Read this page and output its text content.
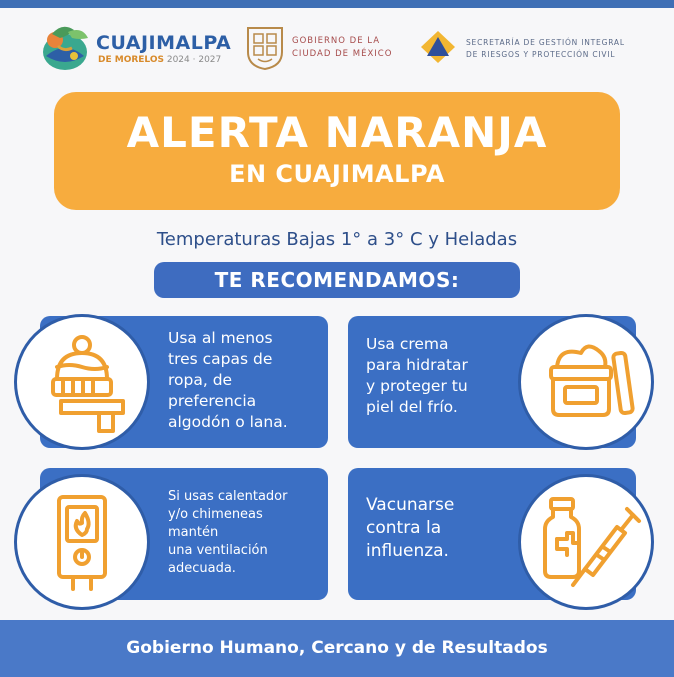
CUAJIMALPA
DE MORELOS 2024 · 2027
GOBIERNO DE LA
CIUDAD DE MÉXICO
SECRETARÍA DE GESTIÓN INTEGRAL
DE RIESGOS Y PROTECCIÓN CIVIL
ALERTA NARANJA
EN CUAJIMALPA
Temperaturas Bajas 1° a 3° C y Heladas
TE RECOMENDAMOS:
Usa al menos
tres capas de
ropa, de
preferencia
algodón o lana.
Usa crema
para hidratar
y proteger tu
piel del frío.
Si usas calentador
y/o chimeneas
mantén
una ventilación
adecuada.
Vacunarse
contra la
influenza.
Gobierno Humano, Cercano y de Resultados
